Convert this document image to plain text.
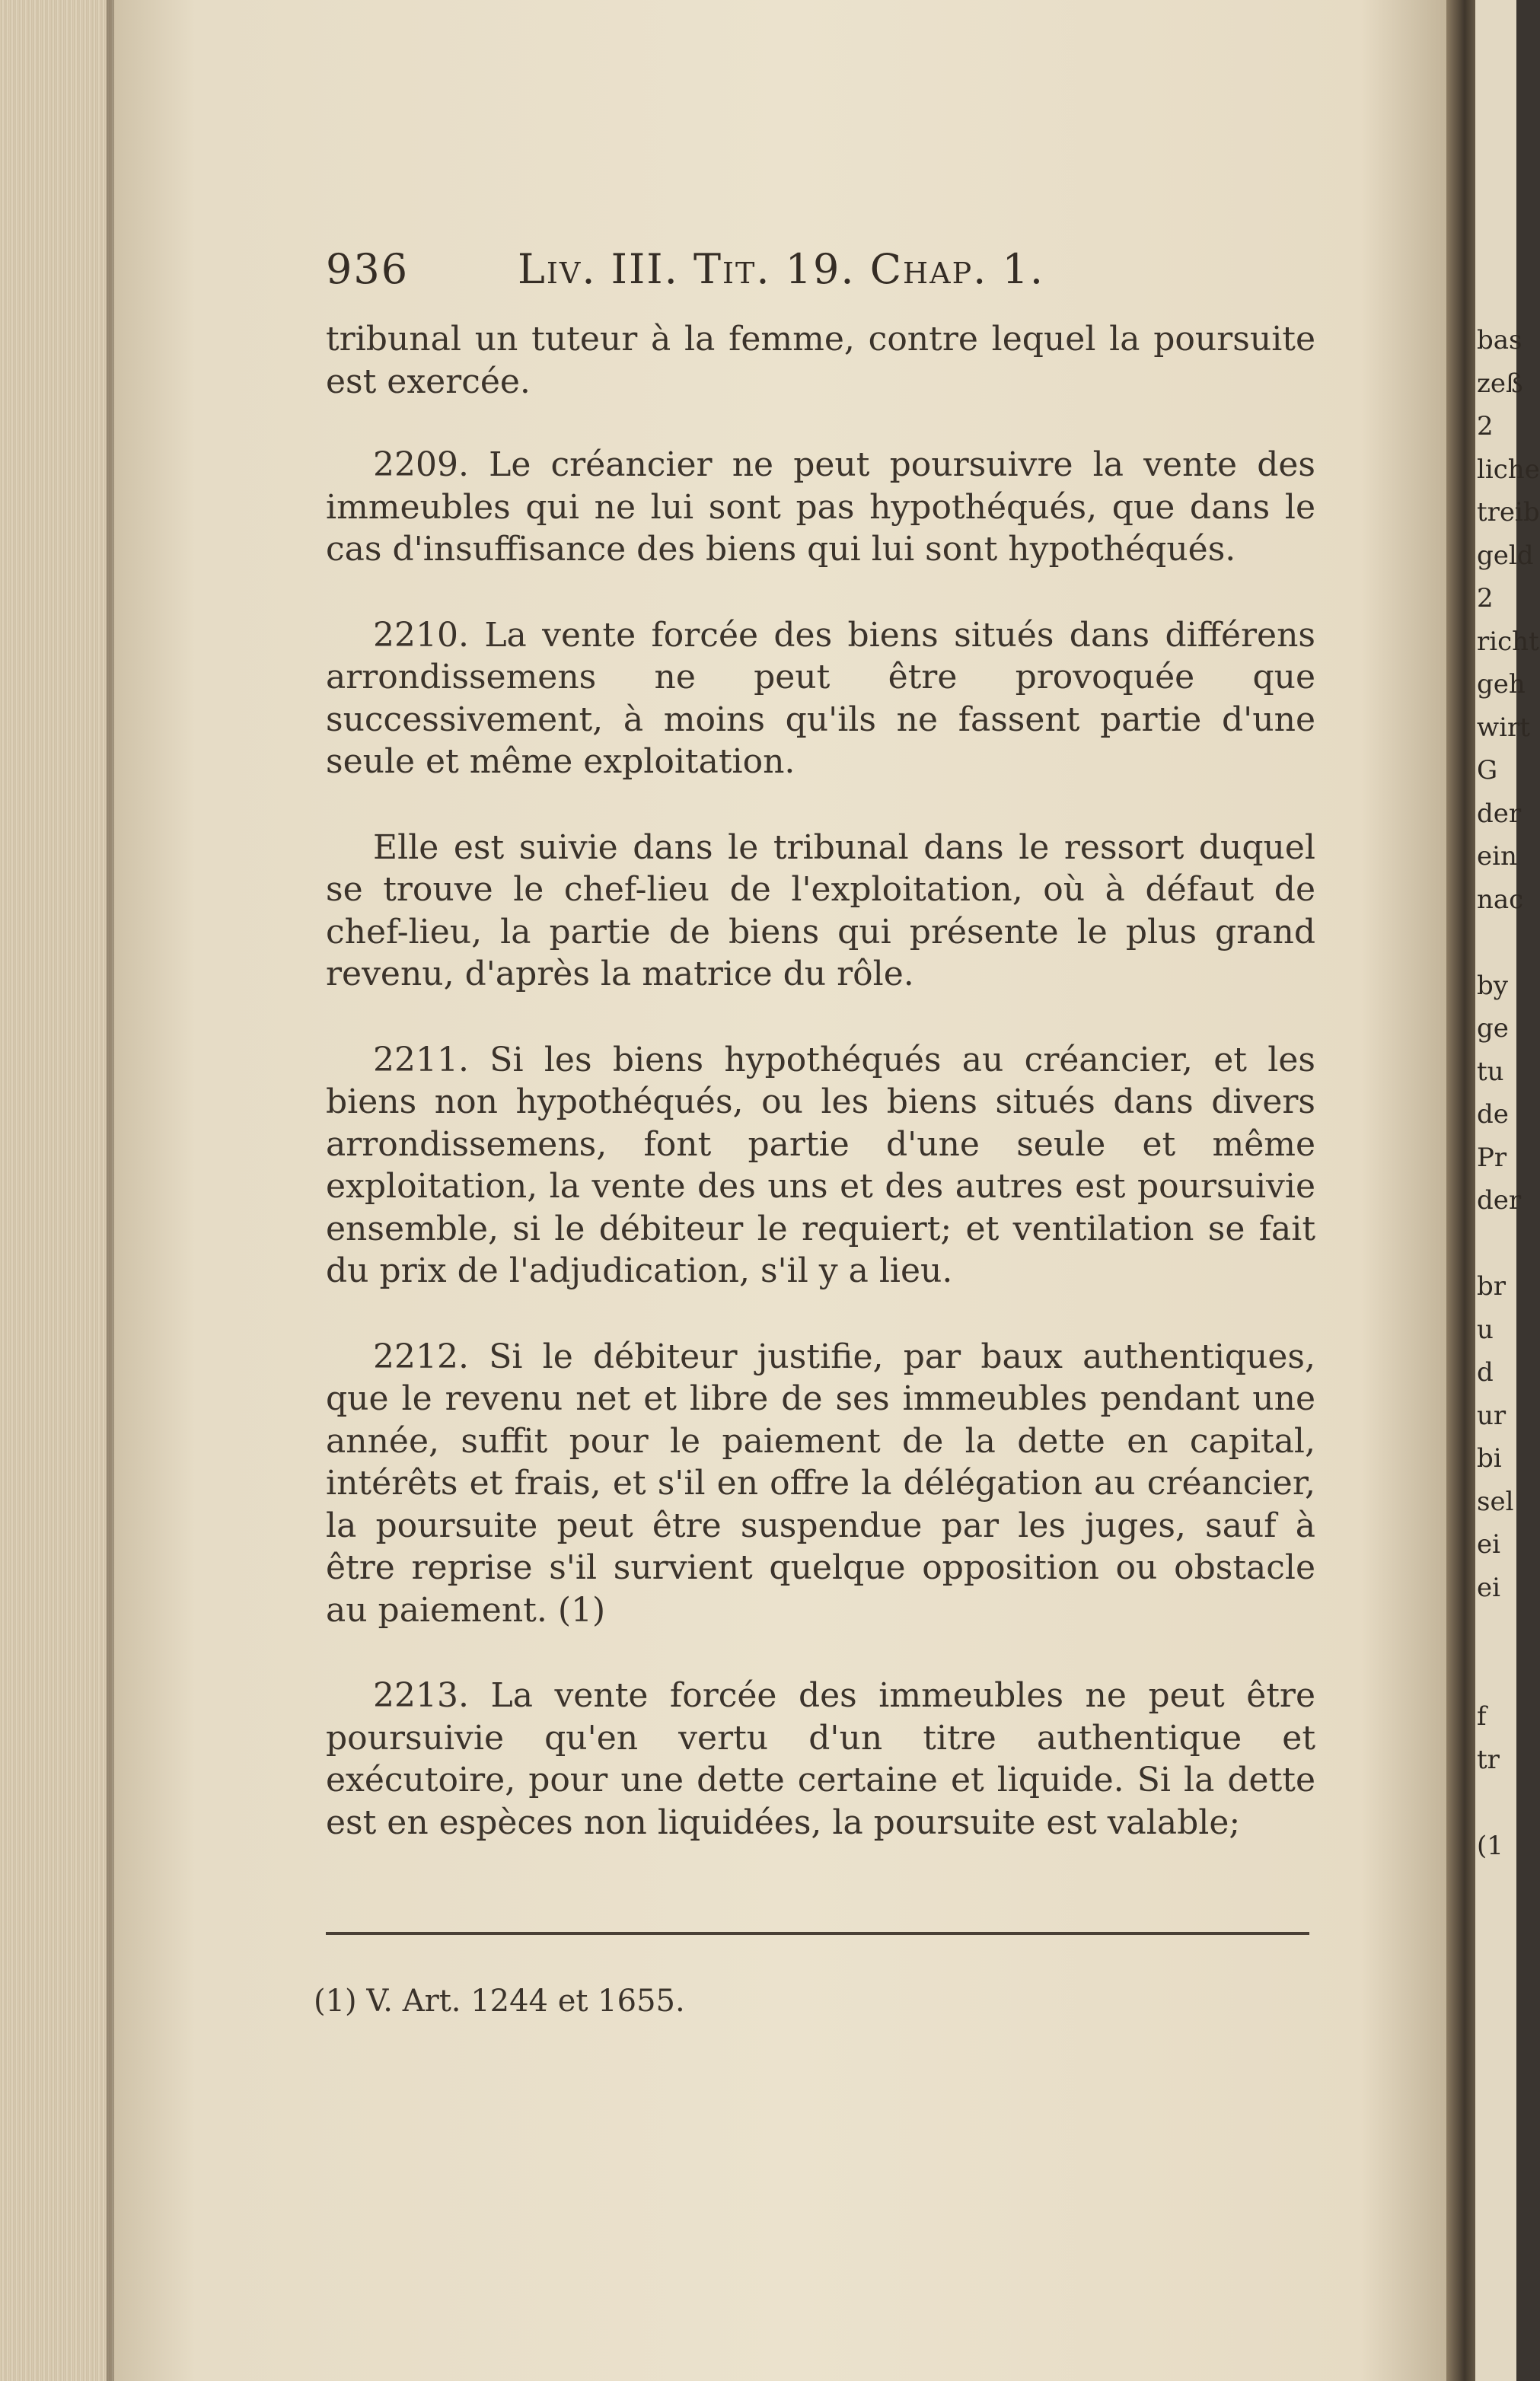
936	Liv. III. Tit. 19. Chap. 1.

tribunal un tuteur à la femme, contre lequel la poursuite est exercée.

2209. Le créancier ne peut poursuivre la vente des immeubles qui ne lui sont pas hypothéqués, que dans le cas d'insuffisance des biens qui lui sont hypothéqués.

2210. La vente forcée des biens situés dans différens arrondissemens ne peut être provoquée que successivement, à moins qu'ils ne fassent partie d'une seule et même exploitation.

Elle est suivie dans le tribunal dans le ressort duquel se trouve le chef-lieu de l'exploitation, où à défaut de chef-lieu, la partie de biens qui présente le plus grand revenu, d'après la matrice du rôle.

2211. Si les biens hypothéqués au créancier, et les biens non hypothéqués, ou les biens situés dans divers arrondissemens, font partie d'une seule et même exploitation, la vente des uns et des autres est poursuivie ensemble, si le débiteur le requiert; et ventilation se fait du prix de l'adjudication, s'il y a lieu.

2212. Si le débiteur justifie, par baux authentiques, que le revenu net et libre de ses immeubles pendant une année, suffit pour le paiement de la dette en capital, intérêts et frais, et s'il en offre la délégation au créancier, la poursuite peut être suspendue par les juges, sauf à être reprise s'il survient quelque opposition ou obstacle au paiement. (1)

2213. La vente forcée des immeubles ne peut être poursuivie qu'en vertu d'un titre authentique et exécutoire, pour une dette certaine et liquide. Si la dette est en espèces non liquidées, la poursuite est valable;

(1) V. Art. 1244 et 1655.
bas
zeß
2
liche
treib
geld
2
richt
geh
wirt
G
der
ein
nac
by
ge
tu
de
Pr
der
br
u
d
ur
bi
sel
ei
ei
f
tr
(1
